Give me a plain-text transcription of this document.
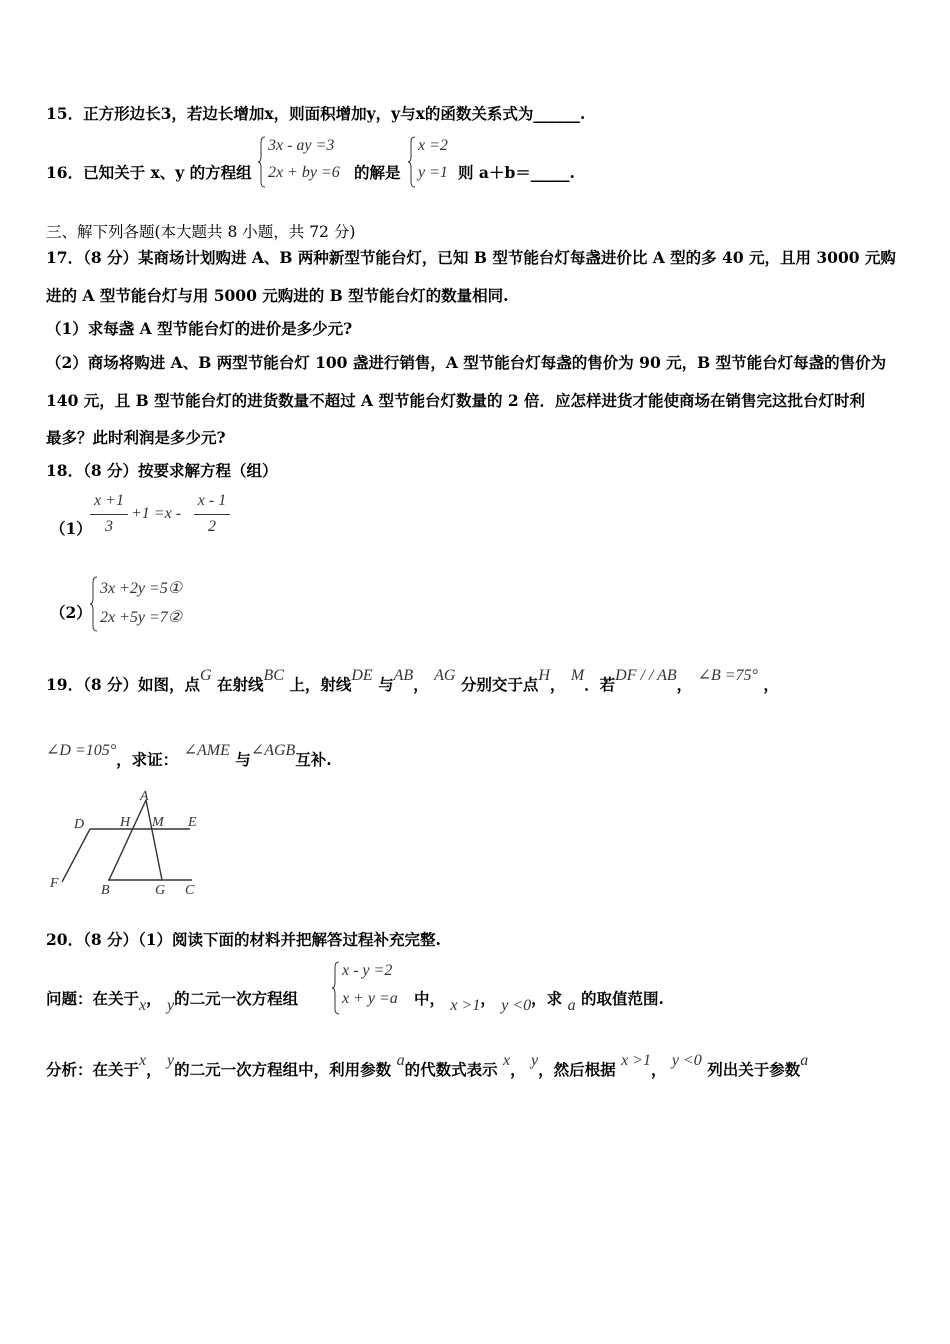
15．正方形边长3，若边长增加x，则面积增加y，y与x的函数关系式为______.
16．已知关于 x、y 的方程组
3x - ay =3
2x + by =6 的解是
x =2
y =1 则 a＋b＝_____.
三、解下列各题(本大题共 8 小题，共 72 分)
17．（8 分）某商场计划购进 A、B 两种新型节能台灯，已知 B 型节能台灯每盏进价比 A 型的多 40 元，且用 3000 元购
进的 A 型节能台灯与用 5000 元购进的 B 型节能台灯的数量相同.
（1）求每盏 A 型节能台灯的进价是多少元?
（2）商场将购进 A、B 两型节能台灯 100 盏进行销售，A 型节能台灯每盏的售价为 90 元，B 型节能台灯每盏的售价为
140 元，且 B 型节能台灯的进货数量不超过 A 型节能台灯数量的 2 倍．应怎样进货才能使商场在销售完这批台灯时利
最多？此时利润是多少元?
18．（8 分）按要求解方程（组）
（1）
x +1
3
+1 =x -
x - 1
2
（2）
3x +2y =5①
2x +5y =7②
19．（8 分）如图，点G 在射线BC 上，射线DE 与AB， AG 分别交于点H， M．若DF / / AB， ∠B =75° ，
∠D =105°，求证： ∠AME 与∠AGB互补.
A
H M
D	E
F	B	G C
20．（8 分）（1）阅读下面的材料并把解答过程补充完整.
问题：在关于x， y的二元一次方程组
x - y =2
x + y =a 中， x >1， y <0，求 a 的取值范围.
分析：在关于x， y的二元一次方程组中，利用参数 a的代数式表示 x， y，然后根据 x >1， y <0 列出关于参数a
